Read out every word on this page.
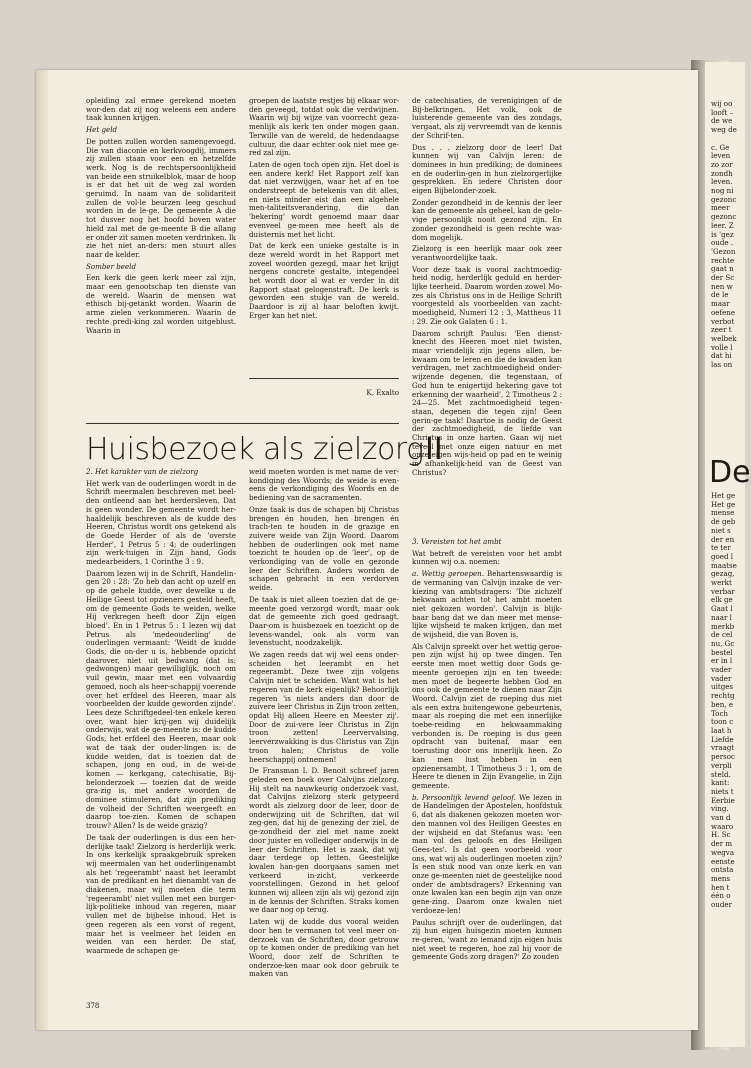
opleiding zal ermee gerekend moeten wor-den dat zij nog weleens een andere taak kunnen krijgen.

Het geld

De potten zullen worden samengevoegd. Die van diaconie en kerkvoogdij, immers zij zullen staan voor een en hetzelfde werk. Nog is de rechtspersoonlijkheid van beide een struikelblok, maar de hoop is er dat het uit de weg zal worden geruimd. In naam van de solidariteit zullen de vol-le beurzen leeg geschud worden in de le-ge. De gemeente A die tot dusver nog het hoofd boven water hield zal met de ge-meente B die allang er onder zit samen moeten verdrinken. Ik zie het niet an-ders: men stuurt alles naar de kelder.

Somber beeld

Een kerk die geen kerk meer zal zijn, maar een genootschap ten dienste van de wereld. Waarin de mensen wat ethisch bij-getankt worden. Waarin de arme zielen verkommeren. Waarin de rechte predi-king zal worden uitgeblust. Waarin in

groepen de laatste restjes bij elkaar wor-den geveegd, totdat ook die verdwijnen. Waarin wij bij wijze van voorrecht gezа-menlijk als kerk ten onder mogen gaan. Terwille van de wereld, de hedendaagse cultuur, die daar echter ook niet mee ge-red zal zijn.

Laten de ogen toch open zijn. Het doel is een andere kerk! Het Rapport zelf kan dat niet verzwijgen, waar het af en toe onderstreept de betekenis van dit alles, en niets minder eist dan een algehele men-taliteitsverandering, die dan 'bekering' wordt genoemd maar daar evenveel ge-meen mee heeft als de duisternis met het licht.

Dat de kerk een unieke gestalte is in deze wereld wordt in het Rapport met zoveel woorden gezegd, maar het krijgt nergens concrete gestalte, integendeel het wordt door al wat er verder in dit Rapport staat gelogenstraft. De kerk is geworden een stukje van de wereld. Daardoor is zij al haar beloften kwijt. Erger kan het niet.

K. Exalto

de catechisaties, de verenigingen of de Bij-belkringen. Het volk, ook de luisterende gemeente van des zondags, vergaat, als zij vervreemdt van de kennis der Schrif-ten.

Dus . . . zielzorg door de leer! Dat kunnen wij van Calvijn leren: de dominees in hun prediking; de dominees en de ouderlin-gen in hun zielzorgerlijke gesprekken. En iedere Christen door eigen Bijbelonder-zoek.

Zonder gezondheid in de kennis der leer kan de gemeente als geheel, kan de gelo-vige persoonlijk nooit gezond zijn. En zonder gezondheid is geen rechte was-dom mogelijk.

Zielzorg is een heerlijk maar ook zeer verantwoordelijke taak.

Voor deze taak is vooral zachtmoedig-heid nodig, herderlijk geduld en herder-lijke teerheid. Daarom worden zowel Mo-zes als Christus ons in de Heilige Schrift voorgesteld als voorbeelden van zacht-moedigheid, Numeri 12 : 3, Mattheus 11 : 29. Zie ook Galaten 6 : 1.

Daarom schrijft Paulus: 'Een dienst-knecht des Heeren moet niet twisten, maar vriendelijk zijn jegens allen, be-kwaam om te leren en die de kwaden kan verdragen, met zachtmoedigheid onder-wijzende degenen, die tegenstaan, of God hun te enigertijd bekering gave tot erkenning der waarheid', 2 Timotheus 2 : 24—25. Met zachtmoedigheid tegen-staan, degenen die tegen zijn! Geen gerin-ge taak! Daartoe is nodig de Geest der zachtmoedigheid, de liefde van Christus in onze harten. Gaan wij niet teveel met onze eigen natuur en met onze eigen wijs-heid op pad en te weinig in afhankelijk-heid van de Geest van Christus?

Huisbezoek als zielzorg II

2. Het karakter van de zielzorg

Het werk van de ouderlingen wordt in de Schrift meermalen beschreven met beel-den ontleend aan het herdersleven. Dat is geen wonder. De gemeente wordt her-haaldelijk beschreven als de kudde des Heeren, Christus wordt ons getekend als de Goede Herder of als de 'overste Herder', 1 Petrus 5 : 4; de ouderlingen zijn werk-tuigen in Zijn hand, Gods medearbeiders, 1 Corinthe 3 : 9.

Daarom lezen wij in de Schrift, Handelin-gen 20 : 28: 'Zo heb dan acht op uzelf en op de gehele kudde, over dewelke u de Heilige Geest tot opzieners gesteld heeft, om de gemeente Gods te weiden, welke Hij verkregen heeft door Zijn eigen bloed'. En in 1 Petrus 5 : 1 lezen wij dat Petrus als 'medeouderling' de ouderlingen vermaant: 'Weidt de kudde Gods, die on-der u is, hebbende opzicht daarover, niet uit bedwang (dat is: gedwongen) maar gewilliglijk, noch om vuil gewin, maar met een volvaardig gemoed, noch als heer-schappij voerende over het erfdeel des Heeren, maar als voorbeelden der kudde geworden zijnde'. Lees deze Schriftgedeel-ten enkele keren over, want hier krij-gen wij duidelijk onderwijs, wat de ge-meente is: de kudde Gods, het erfdeel des Heeren, maar ook wat de taak der ouder-lingen is: de kudde weiden, dat is toezien dat de schapen, jong en oud, in de wei-de komen — kerkgang, catechisatie, Bij-belonderzoek — toezien dat de weide gra-zig is, met andere woorden de dominee stimuleren, dat zijn prediking de volheid der Schriften weergeeft en daarop toe-zien. Komen de schapen trouw? Allen? Is de weide grazig?

De taak der ouderlingen is dus een her-derlijke taak! Zielzorg is herderlijk werk. In ons kerkelijk spraakgebruik spreken wij meermalen van het ouderlingenambt als het 'regeerambt' naast het leerambt van de predikant en het dienambt van de diakenen, maar wij moeten die term 'regeerambt' niet vullen met een burger-lijk-politieke inhoud van regeren, maar vullen met de bijbelse inhoud. Het is geen regeren als een vorst of regent, maar het is veelmeer het leiden en weiden van een herder. De staf, waarmede de schapen ge-

weid moeten worden is met name de ver-kondiging des Woords; de weide is even-eens de verkondiging des Woords en de bediening van de sacramenten.

Onze taak is dus de schapen bij Christus brengen én houden, hen brengen én trach-ten te houden in de grazige en zuivere weide van Zijn Woord. Daarom hebben de ouderlingen ook met name toezicht te houden op de 'leer', op de verkondiging van de volle en gezonde leer der Schriften. Anders worden de schapen gebracht in een verdorven weide.

De taak is niet alleen toezien dat de ge-meente goed verzorgd wordt, maar ook dat de gemeente zich goed gedraagt. Daar-om is huisbezoek en toezicht op de levens-wandel, ook als vorm van levenstucht, noodzakelijk.

We zagen reeds dat wij wel eens onder-scheiden het leerambt en het regeerambt. Deze twee zijn volgens Calvijn niet te scheiden. Want wat is het regeren van de kerk eigenlijk? Behoorlijk regeren 'is niets anders dan door de zuivere leer Christus in Zijn troon zetten, opdat Hij alleen Heere en Meester zij'. Door de zui-vere leer Christus in Zijn troon zetten! Leervervalsing, leerverzwakking is dus Christus van Zijn troon halen; Christus de volle heerschappij ontnemen!

De Fransman I. D. Benoit schreef jaren geleden een boek over Calvijns zielzorg. Hij stelt na nauwkeurig onderzoek vast, dat Calvijns zielzorg sterk getypeerd wordt als zielzorg door de leer, door de onderwijzing uit de Schriften, dat wil zeg-gen, dat hij de genezing der ziel, de ge-zondheid der ziel met name zoekt door juister en vollediger onderwijs in de leer der Schriften. Het is zaak, dat wij daar terdege op letten. Geestelijke kwalen han-gen doorgaans samen met verkeerd in-zicht, verkeerde voorstellingen. Gezond in het geloof kunnen wij alleen zijn als wij gezond zijn in de kennis der Schriften. Straks komen we daar nog op terug.

Laten wij de kudde dus vooral weiden door hen te vermanen tot veel meer on-derzoek van de Schriften, door getrouw op te komen onder de prediking van het Woord, door zelf de Schriften te onderzoe-ken maar ook door gebruik te maken van

3. Vereisten tot het ambt

Wat betreft de vereisten voor het ambt kunnen wij o.a. noemen:

a. Wettig geroepen. Behartenswaardig is de vermaning van Calvijn inzake de ver-kiezing van ambtsdragers: 'Die zichzelf bekwaam achten tot het ambt moeten niet gekozen worden'. Calvijn is blijk-baar bang dat we dan meer met mense-lijke wijsheid te maken krijgen, dan met de wijsheid, die van Boven is.

Als Calvijn spreekt over het wettig geroe-pen zijn wijst hij op twee dingen. Ten eerste men moet wettig door Gods ge-meente geroepen zijn en ten tweede: men moet de begeerte hebben God en ons ook de gemeente te dienen naar Zijn Woord. Calvijn ziet de roeping dus niet als een extra buitengewone gebeurtenis, maar als roeping die met een innerlijke toebe-reiding en bekwaammaking verbonden is. De roeping is dus geen opdracht van buitenaf, maar een toerusting door ons innerlijk heen. Zo kan men lust hebben in een opzienersambt, 1 Timotheus 3 : 1, om de Heere te dienen in Zijn Evangelie, in Zijn gemeente.

b. Persoonlijk levend geloof. We lezen in de Handelingen der Apostelen, hoofdstuk 6, dat als diakenen gekozen moeten wor-den mannen vol des Heiligen Geestes en der wijsheid en dat Stefanus was: 'een man vol des geloofs en des Heiligen Gees-tes'. Is dat geen voorbeeld voor ons, wat wij als ouderlingen moeten zijn? Is een stuk nood van onze kerk en van onze ge-meenten niet de geestelijke nood onder de ambtsdragers? Erkenning van onze kwalen kan een begin zijn van onze gene-zing. Daarom onze kwalen niet verdoeze-len!

Paulus schrijft over de ouderlingen, dat zij hun eigen huisgezin moeten kunnen re-geren, 'want zo iemand zijn eigen huis niet weet te regeren, hoe zal hij voor de gemeente Gods zorg dragen?' Zo zouden

378
wij oo
looft –
de we
weg de

c. Ge
leven
zo zor
zondh
leven.
nog ni
gezonc
meer
gezonc
leer. Z
is 'gez
oude .
'Gezon
rechte
gaat n
der Sc
nen w
de le
maar
oefene
verbot
zeer t
welbek
volle l
dat hi
las on
De
Het ge
Het ge
mense
de geb
niet s
der en
te ter
goed l
maatse
gezag,
werkt
verbar
elk ge
Gaat l
naar l
merkb
de cel
nu, Gc
bestel
er in l
vader
vader
uitges
rechtg
ben, e
Toch
toon c
laat h
Liefde
vraagt
persoc
verpli
steld.
kant:
niets t
Eerbie
ving.
van d
waaro
H. Sc
der m
wegva
eenste
ontsta
mens
hen t
één o
ouder
